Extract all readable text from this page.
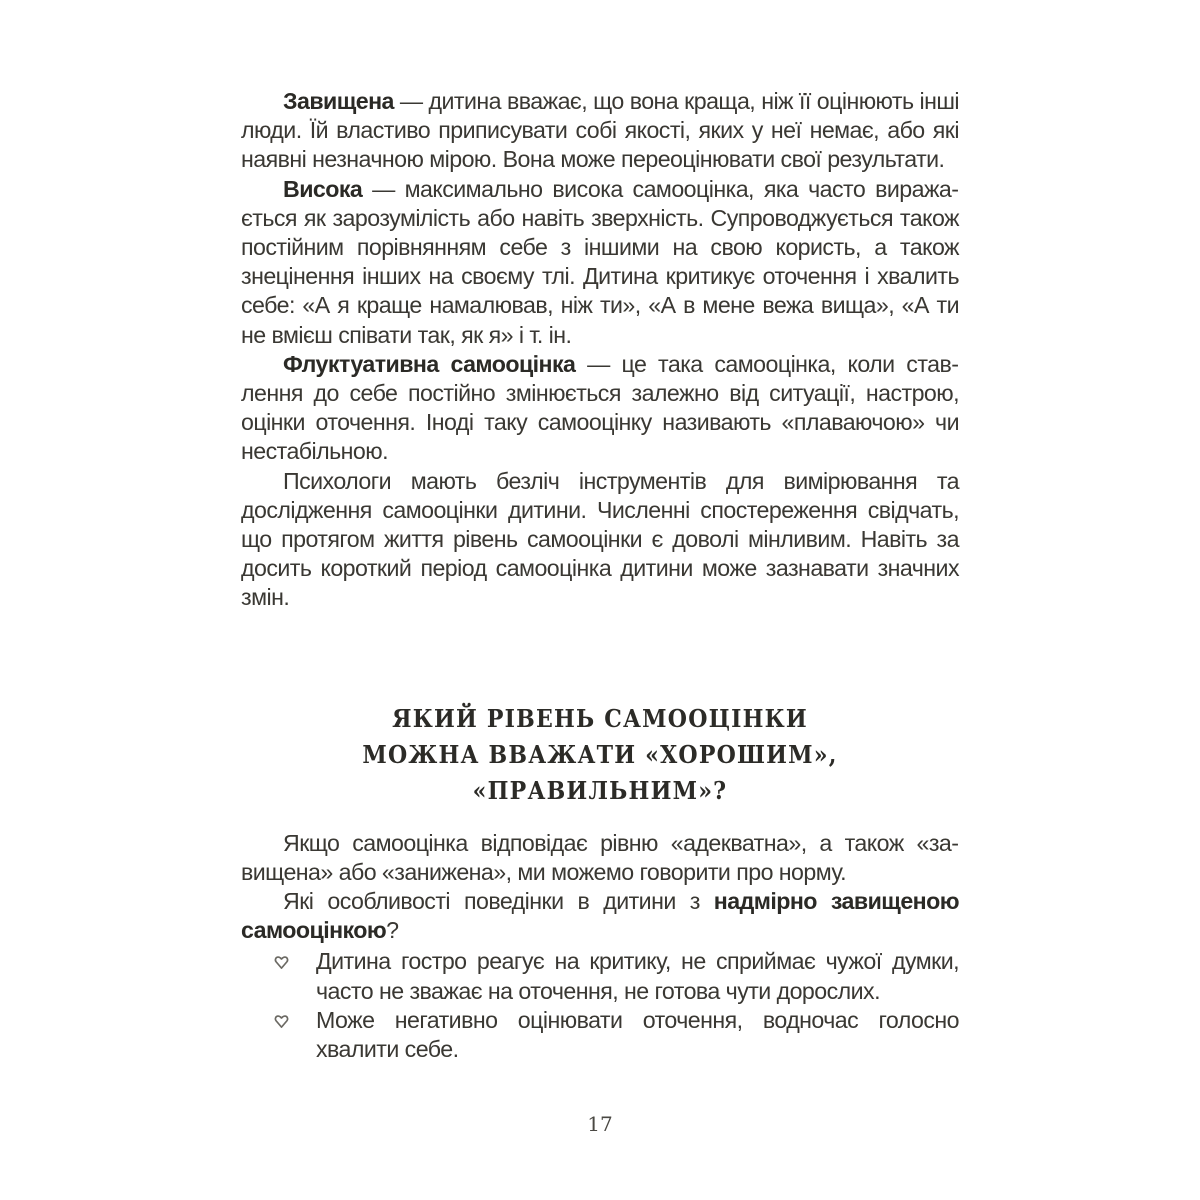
Завищена — дитина вважає, що вона краща, ніж її оцінюють інші люди. Їй властиво приписувати собі якості, яких у неї немає, або які наявні незначною мірою. Вона може переоцінювати свої результати.

Висока — максимально висока самооцінка, яка часто виражається як зарозумілість або навіть зверхність. Супроводжується також постійним порівнянням себе з іншими на свою користь, а також знецінення інших на своєму тлі. Дитина критикує оточення і хвалить себе: «А я краще намалював, ніж ти», «А в мене вежа вища», «А ти не вмієш співати так, як я» і т. ін.

Флуктуативна самооцінка — це така самооцінка, коли ставлення до себе постійно змінюється залежно від ситуації, настрою, оцінки оточення. Іноді таку самооцінку називають «плаваючою» чи нестабільною.

Психологи мають безліч інструментів для вимірювання та дослідження самооцінки дитини. Численні спостереження свідчать, що протягом життя рівень самооцінки є доволі мінливим. Навіть за досить короткий період самооцінка дитини може зазнавати значних змін.

ЯКИЙ РІВЕНЬ САМООЦІНКИ
МОЖНА ВВАЖАТИ «ХОРОШИМ»,
«ПРАВИЛЬНИМ»?

Якщо самооцінка відповідає рівню «адекватна», а також «завищена» або «занижена», ми можемо говорити про норму.

Які особливості поведінки в дитини з надмірно завищеною самооцінкою?

Дитина гостро реагує на критику, не сприймає чужої думки, часто не зважає на оточення, не готова чути дорослих.
Може негативно оцінювати оточення, водночас голосно хвалити себе.
17
